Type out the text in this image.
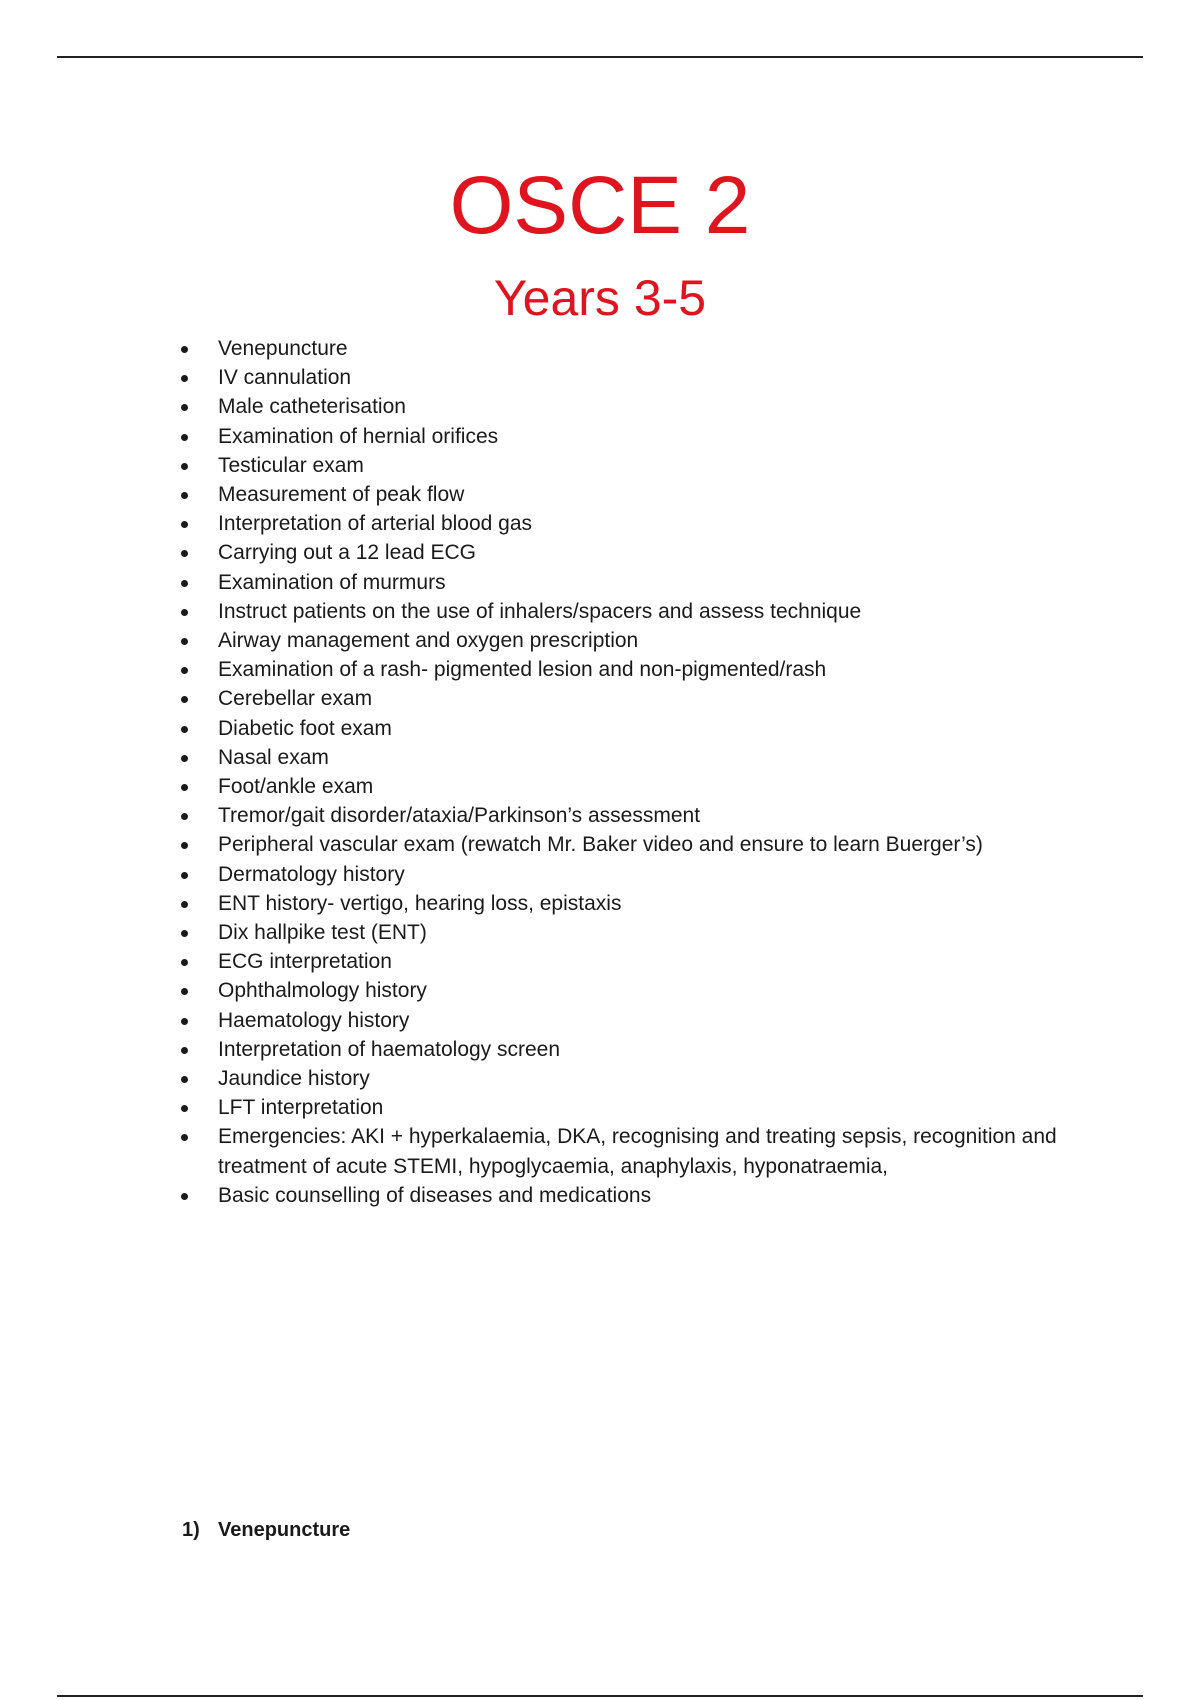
OSCE 2
Years 3-5
Venepuncture
IV cannulation
Male catheterisation
Examination of hernial orifices
Testicular exam
Measurement of peak flow
Interpretation of arterial blood gas
Carrying out a 12 lead ECG
Examination of murmurs
Instruct patients on the use of inhalers/spacers and assess technique
Airway management and oxygen prescription
Examination of a rash- pigmented lesion and non-pigmented/rash
Cerebellar exam
Diabetic foot exam
Nasal exam
Foot/ankle exam
Tremor/gait disorder/ataxia/Parkinson’s assessment
Peripheral vascular exam (rewatch Mr. Baker video and ensure to learn Buerger’s)
Dermatology history
ENT history- vertigo, hearing loss, epistaxis
Dix hallpike test (ENT)
ECG interpretation
Ophthalmology history
Haematology history
Interpretation of haematology screen
Jaundice history
LFT interpretation
Emergencies: AKI + hyperkalaemia, DKA, recognising and treating sepsis, recognition and treatment of acute STEMI, hypoglycaemia, anaphylaxis, hyponatraemia,
Basic counselling of diseases and medications
1) Venepuncture
